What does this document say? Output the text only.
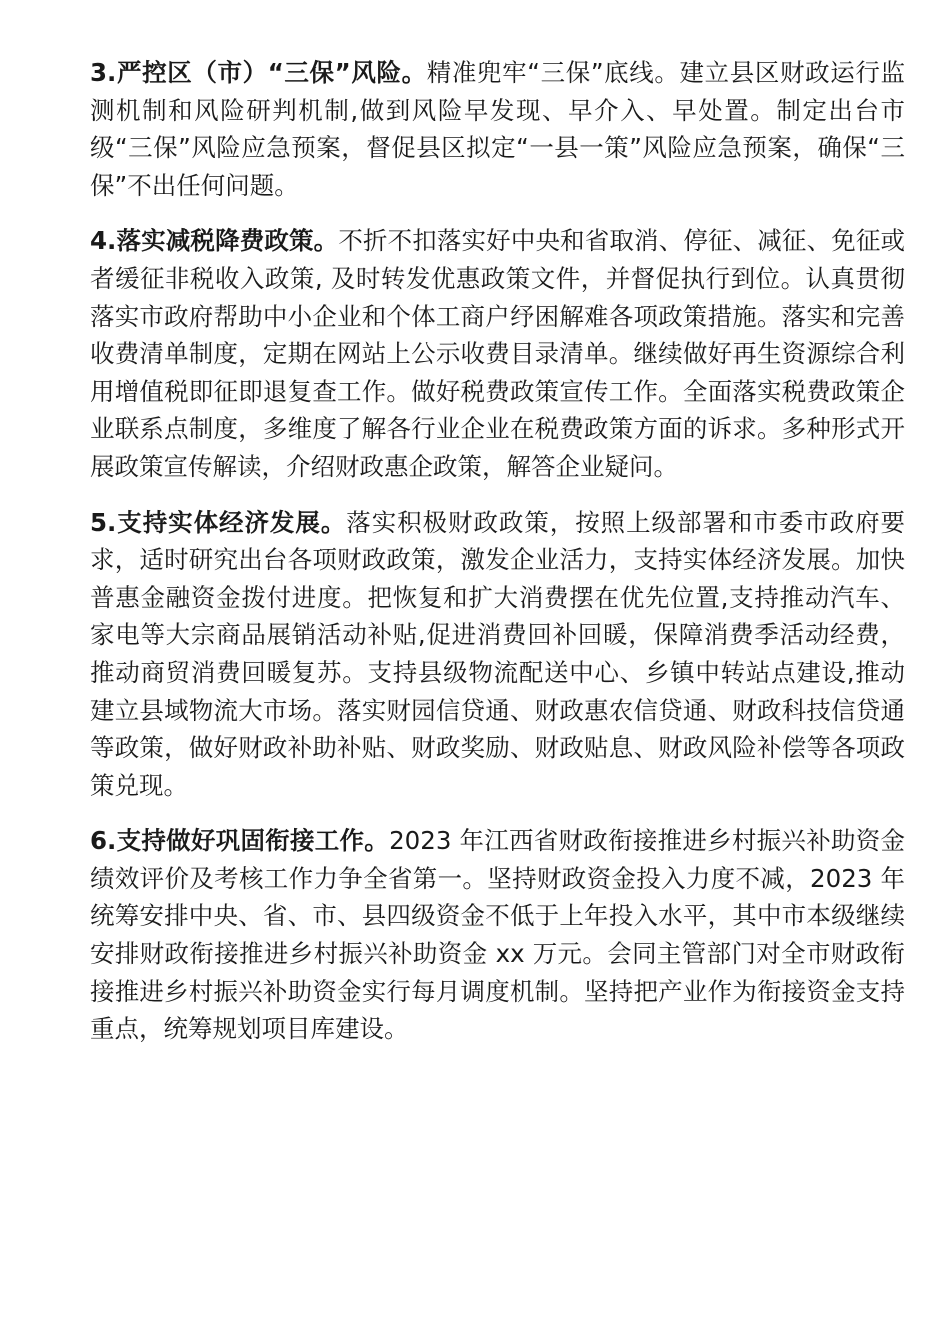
3.严控区（市）“三保”风险。精准兜牢“三保”底线。建立县区财政运行监测机制和风险研判机制,做到风险早发现、早介入、早处置。制定出台市级“三保”风险应急预案，督促县区拟定“一县一策”风险应急预案，确保“三保”不出任何问题。

4.落实减税降费政策。不折不扣落实好中央和省取消、停征、减征、免征或者缓征非税收入政策, 及时转发优惠政策文件，并督促执行到位。认真贯彻落实市政府帮助中小企业和个体工商户纾困解难各项政策措施。落实和完善收费清单制度，定期在网站上公示收费目录清单。继续做好再生资源综合利用增值税即征即退复查工作。做好税费政策宣传工作。全面落实税费政策企业联系点制度，多维度了解各行业企业在税费政策方面的诉求。多种形式开展政策宣传解读，介绍财政惠企政策，解答企业疑问。

5.支持实体经济发展。落实积极财政政策，按照上级部署和市委市政府要求，适时研究出台各项财政政策，激发企业活力，支持实体经济发展。加快普惠金融资金拨付进度。把恢复和扩大消费摆在优先位置,支持推动汽车、家电等大宗商品展销活动补贴,促进消费回补回暖，保障消费季活动经费，推动商贸消费回暖复苏。支持县级物流配送中心、乡镇中转站点建设,推动建立县域物流大市场。落实财园信贷通、财政惠农信贷通、财政科技信贷通等政策，做好财政补助补贴、财政奖励、财政贴息、财政风险补偿等各项政策兑现。

6.支持做好巩固衔接工作。2023 年江西省财政衔接推进乡村振兴补助资金绩效评价及考核工作力争全省第一。坚持财政资金投入力度不减，2023 年统筹安排中央、省、市、县四级资金不低于上年投入水平，其中市本级继续安排财政衔接推进乡村振兴补助资金 xx 万元。会同主管部门对全市财政衔接推进乡村振兴补助资金实行每月调度机制。坚持把产业作为衔接资金支持重点，统筹规划项目库建设。
